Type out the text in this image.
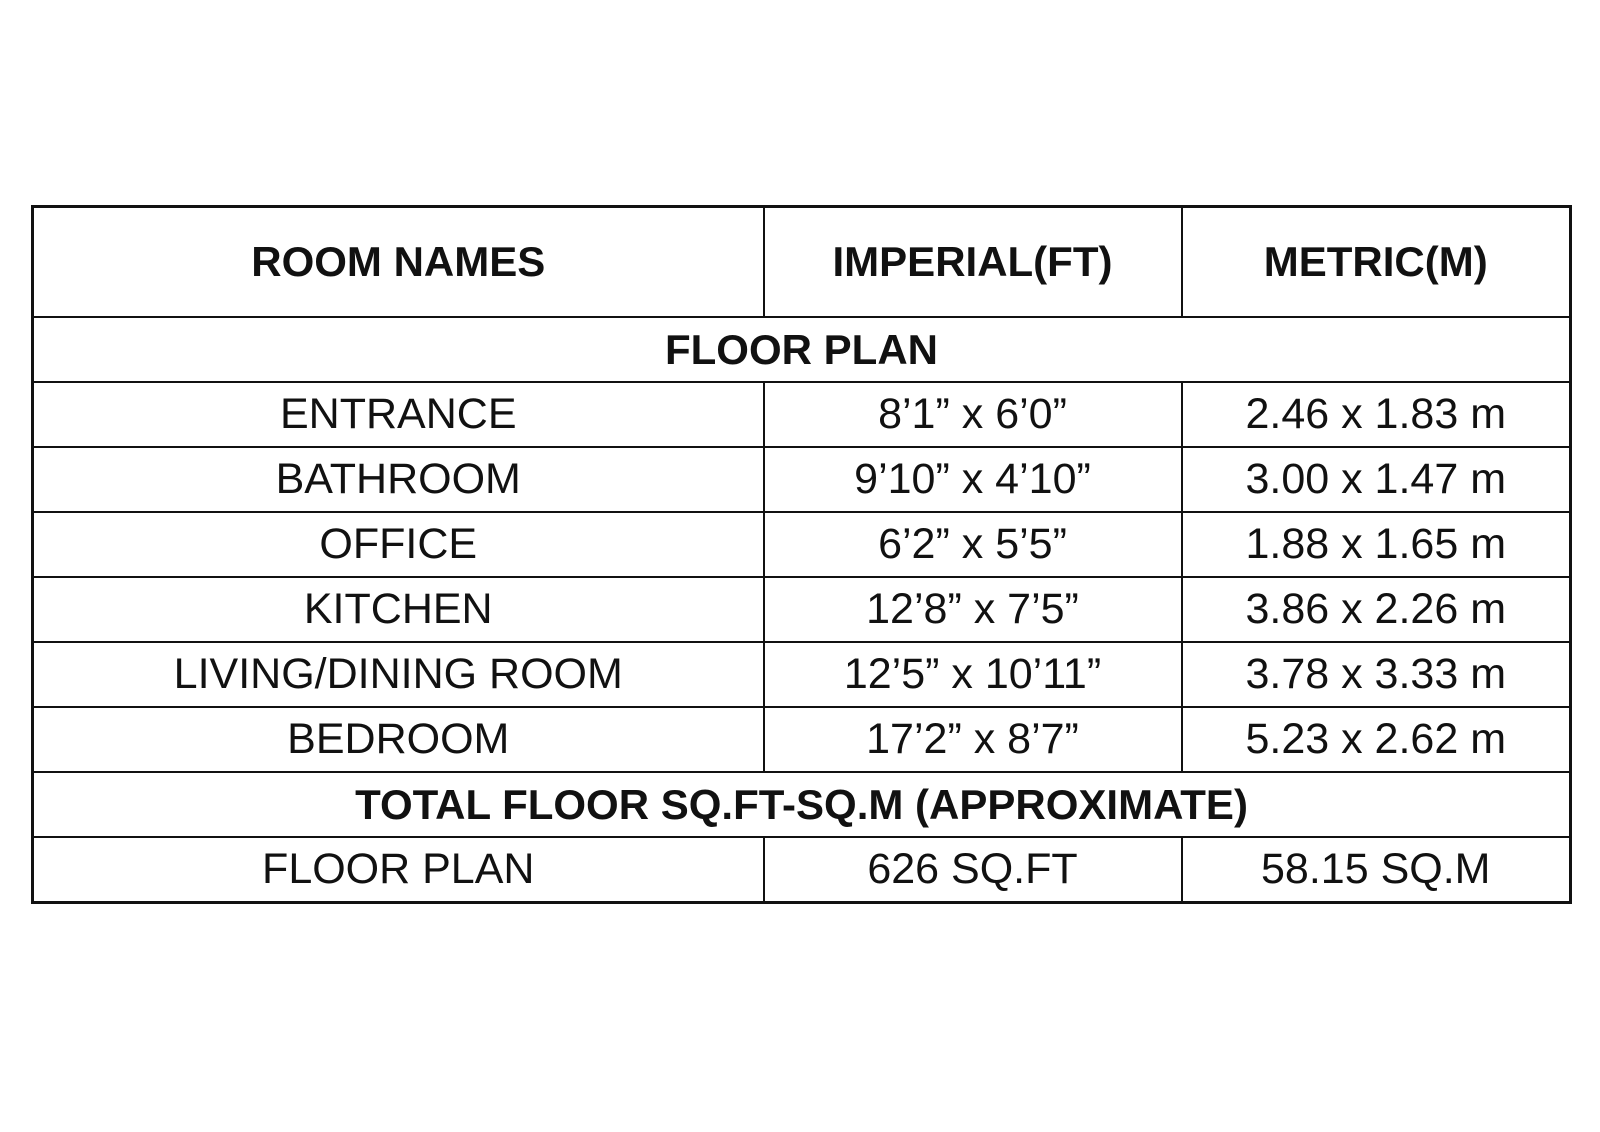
ROOM NAMES	IMPERIAL(FT)	METRIC(M)
FLOOR PLAN		
ENTRANCE	8’1” x 6’0”	2.46 x 1.83 m
BATHROOM	9’10” x 4’10”	3.00 x 1.47 m
OFFICE	6’2” x 5’5”	1.88 x 1.65 m
KITCHEN	12’8” x 7’5”	3.86 x 2.26 m
LIVING/DINING ROOM	12’5” x 10’11”	3.78 x 3.33 m
BEDROOM	17’2” x 8’7”	5.23 x 2.62 m
TOTAL FLOOR SQ.FT-SQ.M (APPROXIMATE)		
FLOOR PLAN	626 SQ.FT	58.15 SQ.M
